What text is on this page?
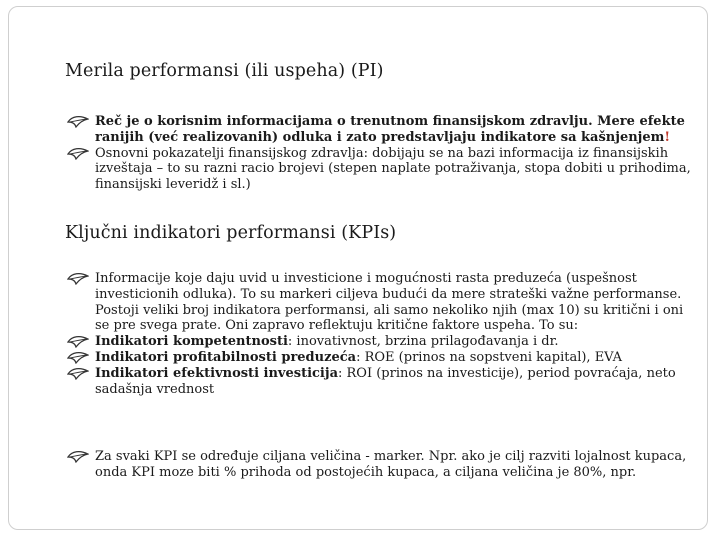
Merila performansi (ili uspeha) (PI)
Reč je o korisnim informacijama o trenutnom finansijskom zdravlju. Mere efekte ranijih (već realizovanih) odluka i zato predstavljaju indikatore sa kašnjenjem!
Osnovni pokazatelji finansijskog zdravlja: dobijaju se na bazi informacija iz finansijskih izveštaja – to su razni racio brojevi (stepen naplate potraživanja, stopa dobiti u prihodima, finansijski leveridž i sl.)
Ključni indikatori performansi (KPIs)
Informacije koje daju uvid u investicione i mogućnosti rasta preduzeća (uspešnost investicionih odluka). To su markeri ciljeva budući da mere strateški važne performanse. Postoji veliki broj indikatora performansi, ali samo nekoliko njih (max 10) su kritični i oni se pre svega prate. Oni zapravo reflektuju kritične faktore uspeha. To su:
Indikatori kompetentnosti: inovativnost, brzina prilagođavanja i dr.
Indikatori profitabilnosti preduzeća: ROE (prinos na sopstveni kapital), EVA
Indikatori efektivnosti investicija: ROI (prinos na investicije), period povraćaja, neto sadašnja vrednost
Za svaki KPI se određuje ciljana veličina - marker. Npr. ako je cilj razviti lojalnost kupaca, onda KPI moze biti % prihoda od postojećih kupaca, a ciljana veličina je 80%, npr.
